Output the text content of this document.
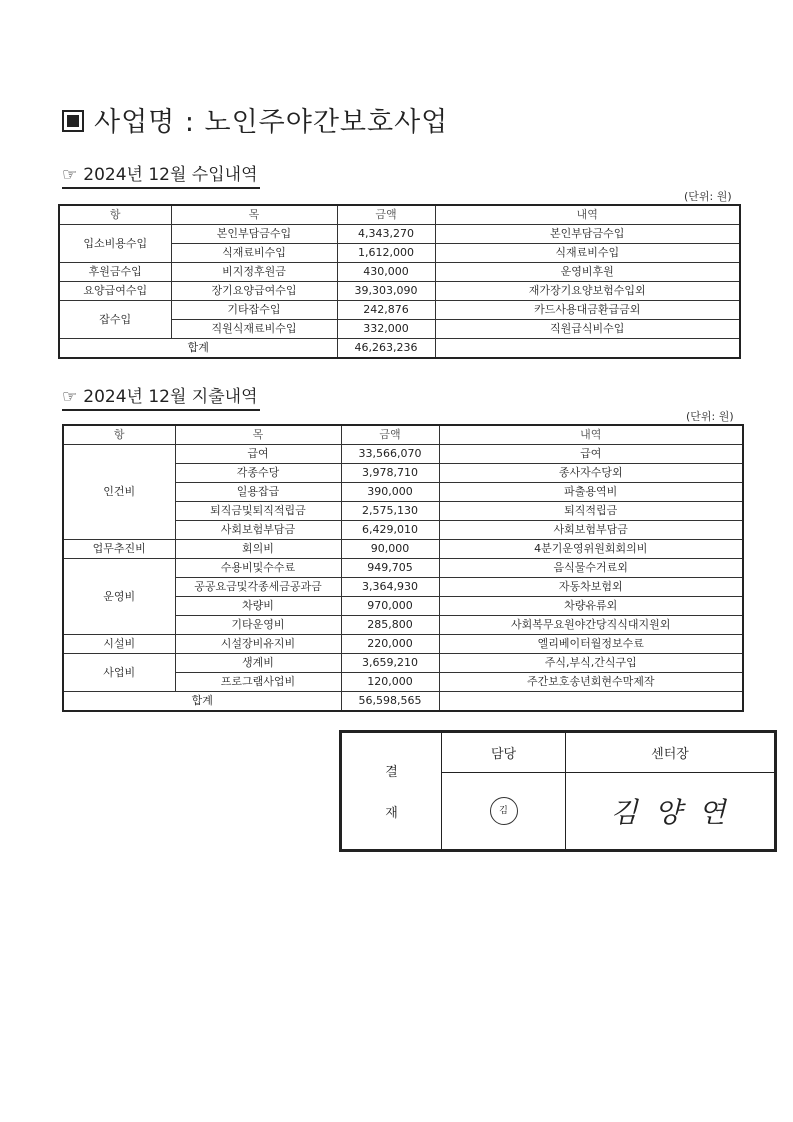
사업명 : 노인주야간보호사업
☞ 2024년 12월 수입내역
(단위: 원)
항	목	금액	내역
입소비용수입	본인부담금수입	4,343,270	본인부담금수입
	식재료비수입	1,612,000	식재료비수입
후원금수입	비지정후원금	430,000	운영비후원
요양급여수입	장기요양급여수입	39,303,090	재가장기요양보험수입외
잡수입	기타잡수입	242,876	카드사용대금환급금외
	직원식재료비수입	332,000	직원급식비수입
합계		46,263,236	
☞ 2024년 12월 지출내역
(단위: 원)
항	목	금액	내역
인건비	급여	33,566,070	급여
	각종수당	3,978,710	종사자수당외
	일용잡급	390,000	파출용역비
	퇴직금및퇴직적립금	2,575,130	퇴직적립금
	사회보험부담금	6,429,010	사회보험부담금
업무추진비	회의비	90,000	4분기운영위원회회의비
운영비	수용비및수수료	949,705	음식물수거료외
	공공요금및각종세금공과금	3,364,930	자동차보험외
	차량비	970,000	차량유류외
	기타운영비	285,800	사회복무요원야간당직식대지원외
시설비	시설장비유지비	220,000	엘리베이터월정보수료
사업비	생계비	3,659,210	주식,부식,간식구입
	프로그램사업비	120,000	주간보호송년회현수막제작
합계		56,598,565	
결
재	담당	센터장
	김	김 양 연
